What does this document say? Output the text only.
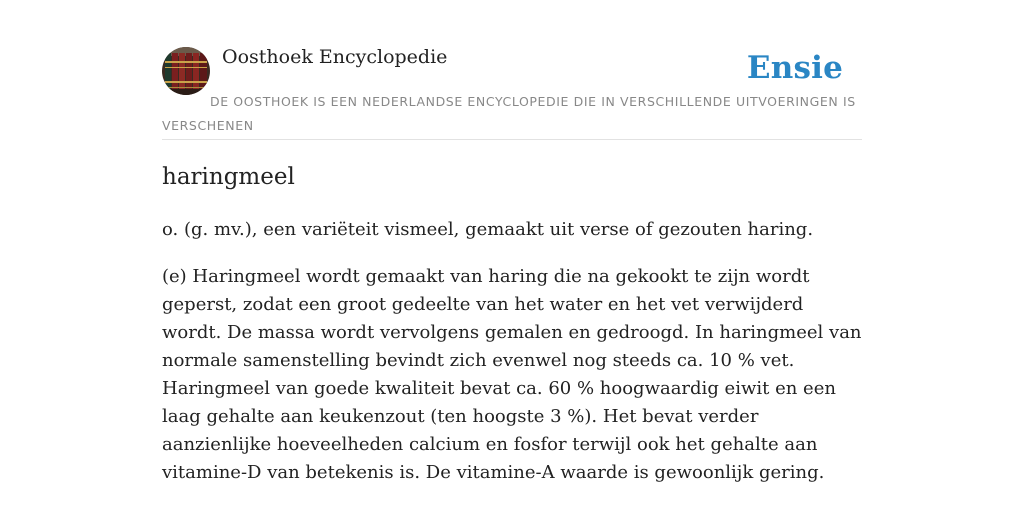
Oosthoek Encyclopedie	Ensie
DE OOSTHOEK IS EEN NEDERLANDSE ENCYCLOPEDIE DIE IN VERSCHILLENDE UITVOERINGEN IS VERSCHENEN
haringmeel

o. (g. mv.), een variëteit vismeel, gemaakt uit verse of gezouten haring.

(e) Haringmeel wordt gemaakt van haring die na gekookt te zijn wordt geperst, zodat een groot gedeelte van het water en het vet verwijderd wordt. De massa wordt vervolgens gemalen en gedroogd. In haringmeel van normale samenstelling bevindt zich evenwel nog steeds ca. 10 % vet. Haringmeel van goede kwaliteit bevat ca. 60 % hoogwaardig eiwit en een laag gehalte aan keukenzout (ten hoogste 3 %). Het bevat verder aanzienlijke hoeveelheden calcium en fosfor terwijl ook het gehalte aan vitamine-D van betekenis is. De vitamine-A waarde is gewoonlijk gering.
